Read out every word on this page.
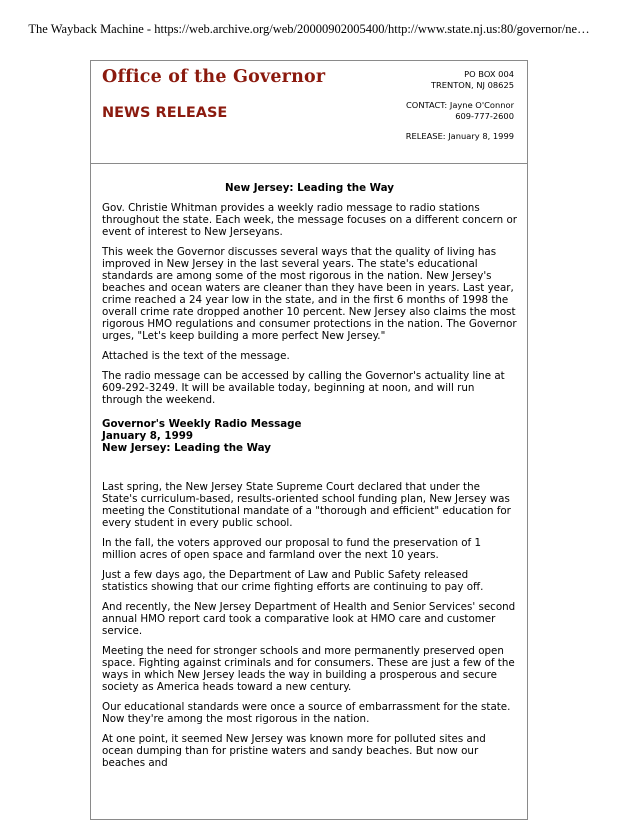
The Wayback Machine - https://web.archive.org/web/20000902005400/http://www.state.nj.us:80/governor/ne…
Office of the Governor
NEWS RELEASE
PO BOX 004
TRENTON, NJ 08625
CONTACT: Jayne O'Connor
609-777-2600
RELEASE: January 8, 1999
New Jersey: Leading the Way

Gov. Christie Whitman provides a weekly radio message to radio stations throughout the state. Each week, the message focuses on a different concern or event of interest to New Jerseyans.

This week the Governor discusses several ways that the quality of living has improved in New Jersey in the last several years. The state's educational standards are among some of the most rigorous in the nation. New Jersey's beaches and ocean waters are cleaner than they have been in years. Last year, crime reached a 24 year low in the state, and in the first 6 months of 1998 the overall crime rate dropped another 10 percent. New Jersey also claims the most rigorous HMO regulations and consumer protections in the nation. The Governor urges, "Let's keep building a more perfect New Jersey."

Attached is the text of the message.

The radio message can be accessed by calling the Governor's actuality line at 609-292-3249. It will be available today, beginning at noon, and will run through the weekend.

Governor's Weekly Radio Message
January 8, 1999
New Jersey: Leading the Way

Last spring, the New Jersey State Supreme Court declared that under the State's curriculum-based, results-oriented school funding plan, New Jersey was meeting the Constitutional mandate of a "thorough and efficient" education for every student in every public school.

In the fall, the voters approved our proposal to fund the preservation of 1 million acres of open space and farmland over the next 10 years.

Just a few days ago, the Department of Law and Public Safety released statistics showing that our crime fighting efforts are continuing to pay off.

And recently, the New Jersey Department of Health and Senior Services' second annual HMO report card took a comparative look at HMO care and customer service.

Meeting the need for stronger schools and more permanently preserved open space. Fighting against criminals and for consumers. These are just a few of the ways in which New Jersey leads the way in building a prosperous and secure society as America heads toward a new century.

Our educational standards were once a source of embarrassment for the state. Now they're among the most rigorous in the nation.

At one point, it seemed New Jersey was known more for polluted sites and ocean dumping than for pristine waters and sandy beaches. But now our beaches and
